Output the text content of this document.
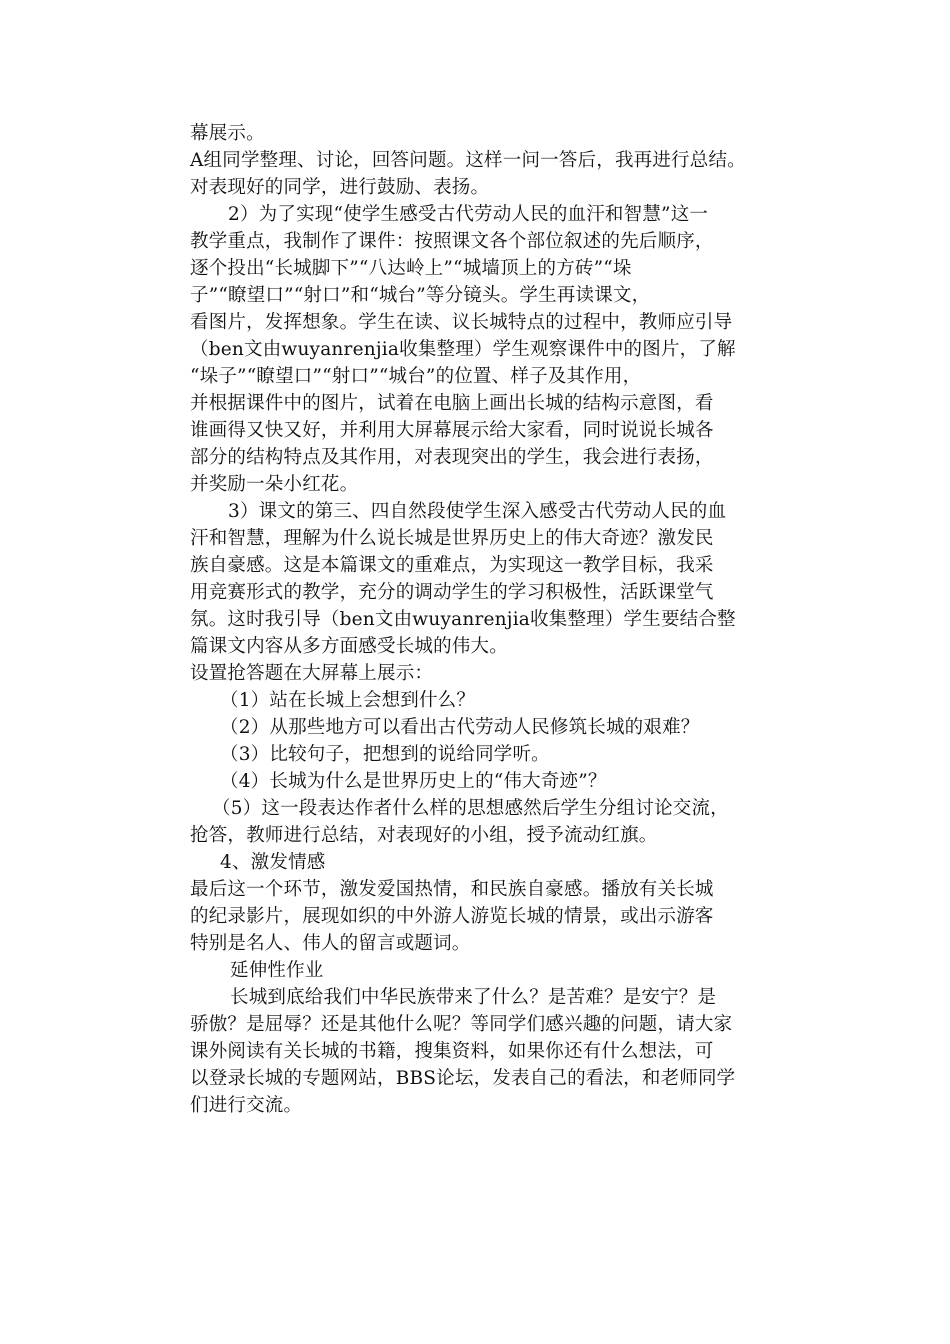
幕展示。
A组同学整理、讨论，回答问题。这样一问一答后，我再进行总结。
对表现好的同学，进行鼓励、表扬。
2）为了实现“使学生感受古代劳动人民的血汗和智慧”这一
教学重点，我制作了课件：按照课文各个部位叙述的先后顺序，
逐个投出“长城脚下”“八达岭上”“城墙顶上的方砖”“垛
子”“瞭望口”“射口”和“城台”等分镜头。学生再读课文，
看图片，发挥想象。学生在读、议长城特点的过程中，教师应引导
（ben文由wuyanrenjia收集整理）学生观察课件中的图片，了解
“垛子”“瞭望口”“射口”“城台”的位置、样子及其作用，
并根据课件中的图片，试着在电脑上画出长城的结构示意图，看
谁画得又快又好，并利用大屏幕展示给大家看，同时说说长城各
部分的结构特点及其作用，对表现突出的学生，我会进行表扬，
并奖励一朵小红花。
3）课文的第三、四自然段使学生深入感受古代劳动人民的血
汗和智慧，理解为什么说长城是世界历史上的伟大奇迹？激发民
族自豪感。这是本篇课文的重难点，为实现这一教学目标，我采
用竞赛形式的教学，充分的调动学生的学习积极性，活跃课堂气
氛。这时我引导（ben文由wuyanrenjia收集整理）学生要结合整
篇课文内容从多方面感受长城的伟大。
设置抢答题在大屏幕上展示：
（1）站在长城上会想到什么？
（2）从那些地方可以看出古代劳动人民修筑长城的艰难？
（3）比较句子，把想到的说给同学听。
（4）长城为什么是世界历史上的“伟大奇迹”？
（5）这一段表达作者什么样的思想感然后学生分组讨论交流，
抢答，教师进行总结，对表现好的小组，授予流动红旗。
4、激发情感
最后这一个环节，激发爱国热情，和民族自豪感。播放有关长城
的纪录影片，展现如织的中外游人游览长城的情景，或出示游客
特别是名人、伟人的留言或题词。
延伸性作业
长城到底给我们中华民族带来了什么？是苦难？是安宁？是
骄傲？是屈辱？还是其他什么呢？等同学们感兴趣的问题，请大家
课外阅读有关长城的书籍，搜集资料，如果你还有什么想法，可
以登录长城的专题网站，BBS论坛，发表自己的看法，和老师同学
们进行交流。
